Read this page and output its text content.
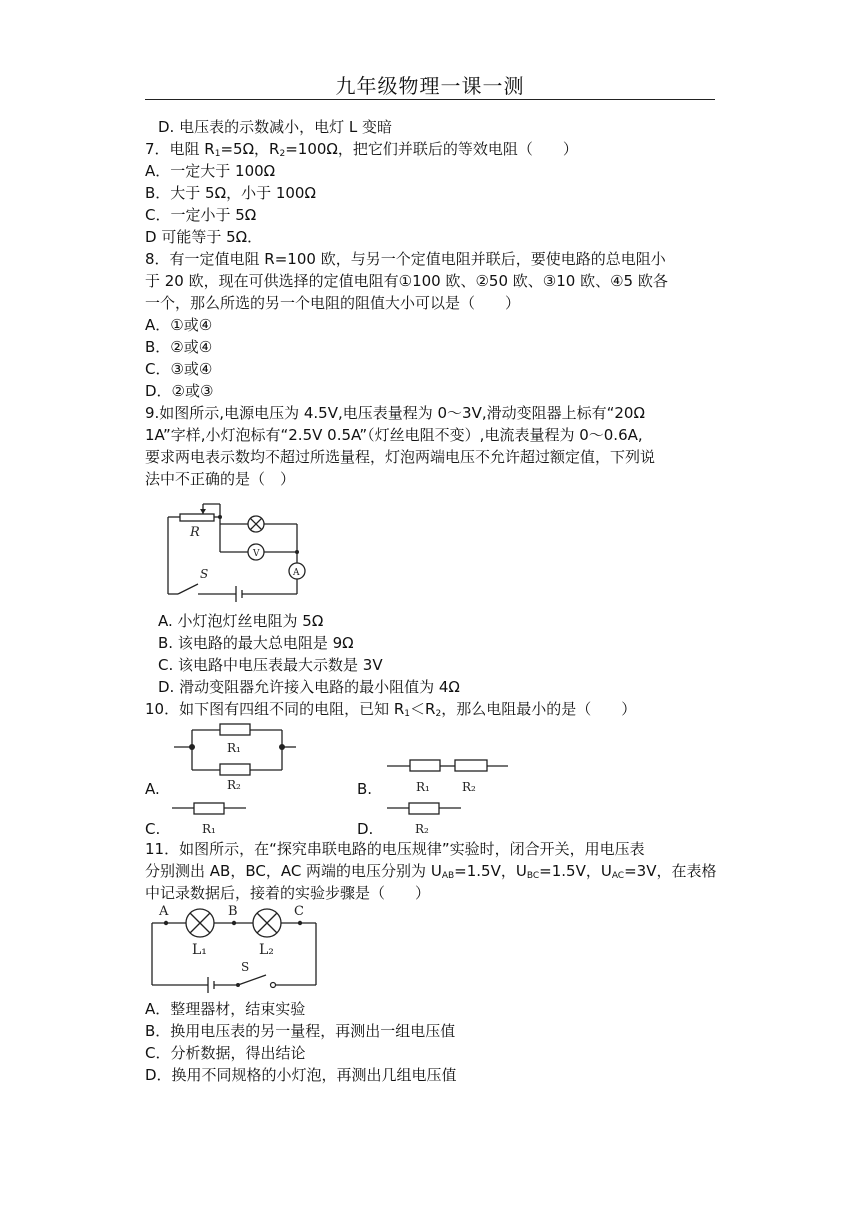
九年级物理一课一测
D. 电压表的示数减小，电灯 L 变暗
7．电阻 $R_1=5\Omega$，$R_2=100\Omega$，把它们并联后的等效电阻（　　）
A．一定大于 100Ω
B．大于 5Ω，小于 100Ω
C．一定小于 5Ω
D 可能等于 5Ω．
8．有一定值电阻 R=100 欧，与另一个定值电阻并联后，要使电路的总电阻小
于 20 欧，现在可供选择的定值电阻有①100 欧、②50 欧、③10 欧、④5 欧各
一个，那么所选的另一个电阻的阻值大小可以是（　　）
A．①或④
B．②或④
C．③或④
D．②或③
9.如图所示,电源电压为 4.5V,电压表量程为 0～3V,滑动变阻器上标有“20Ω
1A”字样,小灯泡标有“2.5V 0.5A”（灯丝电阻不变）,电流表量程为 0～0.6A,
要求两电表示数均不超过所选量程，灯泡两端电压不允许超过额定值，下列说
法中不正确的是（　）
R
S
V
A
A. 小灯泡灯丝电阻为 5Ω
B. 该电路的最大总电阻是 9Ω
C. 该电路中电压表最大示数是 3V
D. 滑动变阻器允许接入电路的最小阻值为 4Ω
10．如下图有四组不同的电阻，已知 $R_1<R_2$，那么电阻最小的是（　　）
R₁
R₂
A.	R₁	R₂
B.
R₁
C.	R₂
D.
11．如图所示，在“探究串联电路的电压规律”实验时，闭合开关，用电压表
分别测出 AB，BC，AC 两端的电压分别为 $U_{AB}=1.5V$，$U_{BC}=1.5V$，$U_{AC}=3V$，在表格
中记录数据后，接着的实验步骤是（　　）
A	B	C
L₁	L₂
S
A．整理器材，结束实验
B．换用电压表的另一量程，再测出一组电压值
C．分析数据，得出结论
D．换用不同规格的小灯泡，再测出几组电压值
